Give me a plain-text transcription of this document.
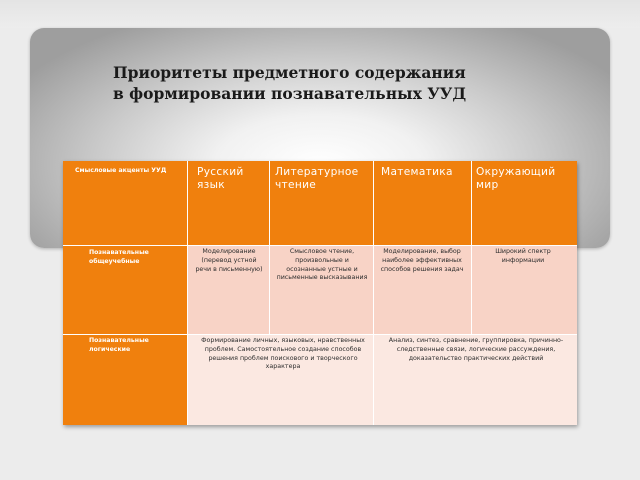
Приоритеты предметного содержания
в формировании познавательных УУД
Смысловые акценты УУД	Русский язык
Литературное чтение
Математика	Окружающий мир
Познавательные общеучебные
Познавательные логические
Моделирование (перевод устной речи в письменную)
Смысловое чтение, произвольные и осознанные устные и письменные высказывания
Моделирование, выбор наиболее эффективных способов решения задач
Широкий спектр информации
Формирование личных, языковых, нравственных проблем. Самостоятельное создание способов решения проблем поискового и творческого характера
Анализ, синтез, сравнение, группировка, причинно-следственные связи, логические рассуждения, доказательство практических действий
